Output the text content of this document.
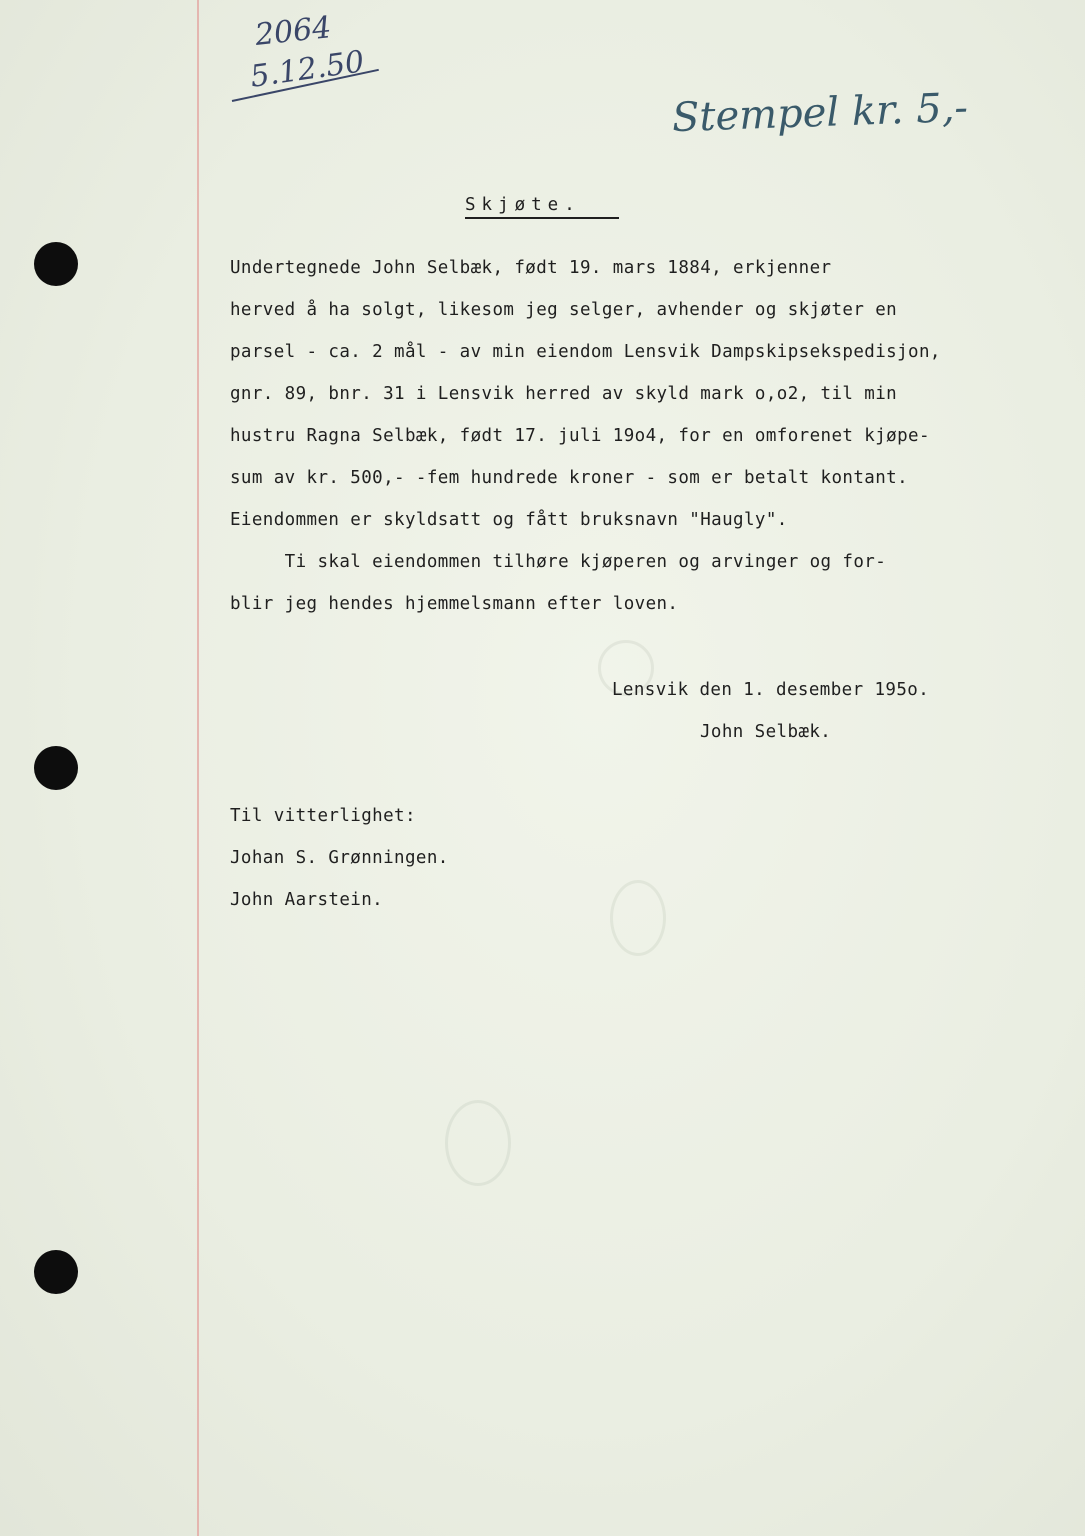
2064
5.12.50
Stempel kr. 5,-
Skjøte.
Undertegnede John Selbæk, født 19. mars 1884, erkjenner
herved å ha solgt, likesom jeg selger, avhender og skjøter en
parsel - ca. 2 mål - av min eiendom Lensvik Dampskipsekspedisjon,
gnr. 89, bnr. 31 i Lensvik herred av skyld mark o,o2, til min
hustru Ragna Selbæk, født 17. juli 19o4, for en omforenet kjøpe-
sum av kr. 500,- -fem hundrede kroner - som er betalt kontant.
Eiendommen er skyldsatt og fått bruksnavn "Haugly".
Ti skal eiendommen tilhøre kjøperen og arvinger og for-
blir jeg hendes hjemmelsmann efter loven.
Lensvik den 1. desember 195o.
John Selbæk.
Til vitterlighet:
Johan S. Grønningen.
John Aarstein.
